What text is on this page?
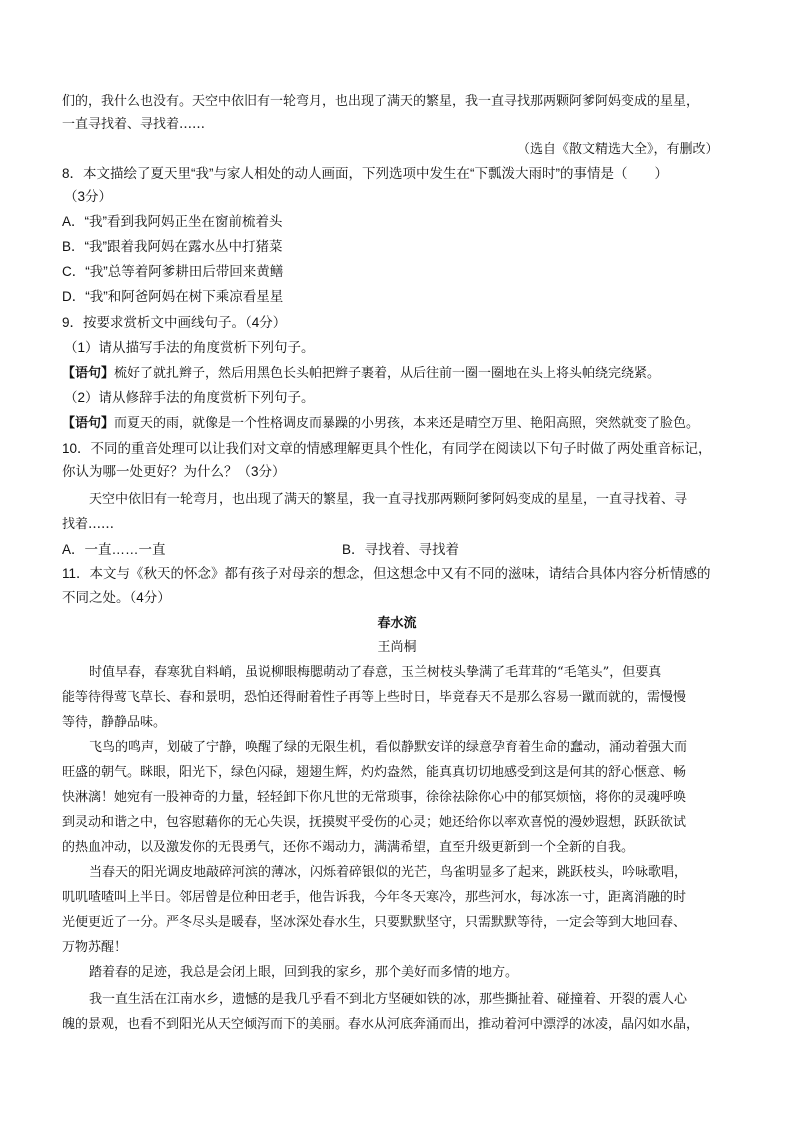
们的，我什么也没有。天空中依旧有一轮弯月，也出现了满天的繁星，我一直寻找那两颗阿爹阿妈变成的星星，
一直寻找着、寻找着……
（选自《散文精选大全》，有删改）
8．本文描绘了夏天里“我”与家人相处的动人画面，下列选项中发生在“下瓢泼大雨时”的事情是（　　）
（3分）
A．“我”看到我阿妈正坐在窗前梳着头
B．“我”跟着我阿妈在露水丛中打猪菜
C．“我”总等着阿爹耕田后带回来黄鳝
D．“我”和阿爸阿妈在树下乘凉看星星
9．按要求赏析文中画线句子。（4分）
（1）请从描写手法的角度赏析下列句子。
【语句】梳好了就扎辫子，然后用黑色长头帕把辫子裹着，从后往前一圈一圈地在头上将头帕绕完绕紧。
（2）请从修辞手法的角度赏析下列句子。
【语句】而夏天的雨，就像是一个性格调皮而暴躁的小男孩，本来还是晴空万里、艳阳高照，突然就变了脸色。
10．不同的重音处理可以让我们对文章的情感理解更具个性化，有同学在阅读以下句子时做了两处重音标记，
你认为哪一处更好？为什么？（3分）
天空中依旧有一轮弯月，也出现了满天的繁星，我一直寻找那两颗阿爹阿妈变成的星星，一直寻找着、寻
找着……
A．一直……一直	B．寻找着、寻找着
11．本文与《秋天的怀念》都有孩子对母亲的想念，但这想念中又有不同的滋味，请结合具体内容分析情感的
不同之处。（4分）
春水流
王尚桐
时值早春，春寒犹自料峭，虽说柳眼梅腮萌动了春意，玉兰树枝头挚满了毛茸茸的“毛笔头”，但要真
能等待得莺飞草长、春和景明，恐怕还得耐着性子再等上些时日，毕竟春天不是那么容易一蹴而就的，需慢慢
等待，静静品味。
飞鸟的鸣声，划破了宁静，唤醒了绿的无限生机，看似静默安详的绿意孕育着生命的蠢动，涌动着强大而
旺盛的朝气。眯眼，阳光下，绿色闪碌，翅翅生辉，灼灼盎然，能真真切切地感受到这是何其的舒心惬意、畅
快淋漓！她宛有一股神奇的力量，轻轻卸下你凡世的无常琐事，徐徐祛除你心中的郁冥烦恼，将你的灵魂呼唤
到灵动和谐之中，包容慰藉你的无心失误，抚摸熨平受伤的心灵；她还给你以率欢喜悦的漫妙遐想，跃跃欲试
的热血冲动，以及激发你的无畏勇气，还你不竭动力，满满希望，直至升级更新到一个全新的自我。
当春天的阳光调皮地敲碎河滨的薄冰，闪烁着碎银似的光芒，鸟雀明显多了起来，跳跃枝头，吟咏歌唱，
叽叽喳喳叫上半日。邻居曾是位种田老手，他告诉我，今年冬天寒冷，那些河水，每冰冻一寸，距离消融的时
光便更近了一分。严冬尽头是暖春，坚冰深处春水生，只要默默坚守，只需默默等待，一定会等到大地回春、
万物苏醒！
踏着春的足迹，我总是会闭上眼，回到我的家乡，那个美好而多情的地方。
我一直生活在江南水乡，遗憾的是我几乎看不到北方坚硬如铁的冰，那些撕扯着、碰撞着、开裂的震人心
魄的景观，也看不到阳光从天空倾泻而下的美丽。春水从河底奔涌而出，推动着河中漂浮的冰凌，晶闪如水晶，
